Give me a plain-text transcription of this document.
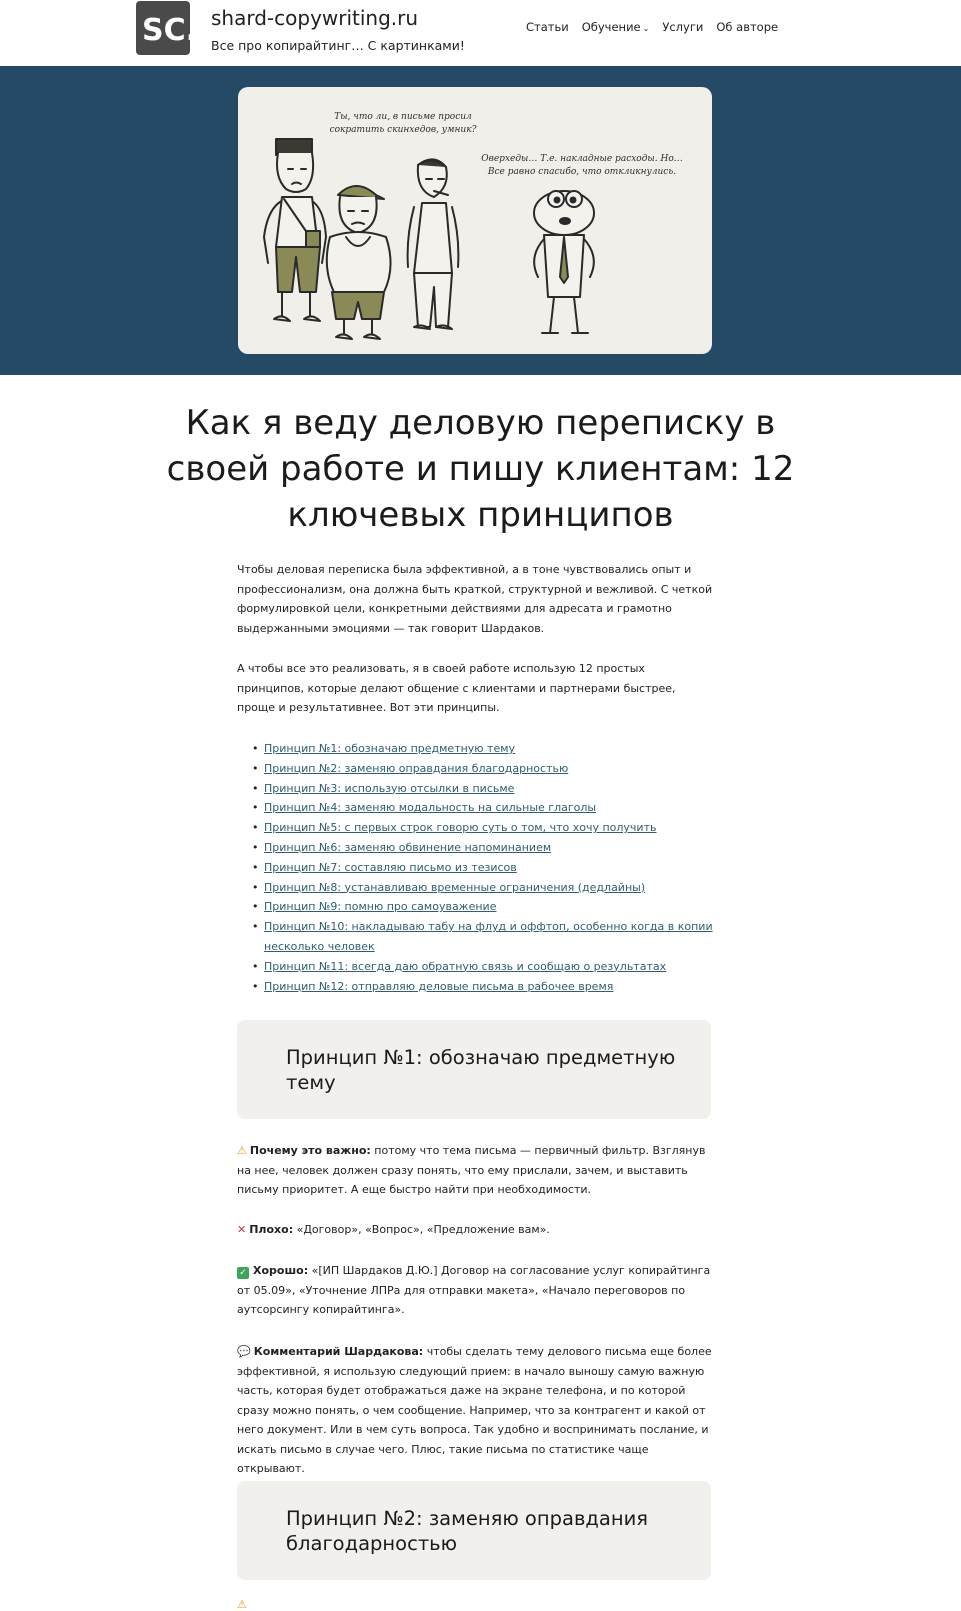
SC. shard-copywriting.ru
Все про копирайтинг… С картинками!
Статьи Обучение ⌄ Услуги Об авторе
Ты, что ли, в письме просил сократить скинхедов, умник?
Оверхеды… Т.е. накладные расходы. Но… Все равно спасибо, что откликнулись.
Как я веду деловую переписку в своей работе и пишу клиентам: 12 ключевых принципов

Чтобы деловая переписка была эффективной, а в тоне чувствовались опыт и профессионализм, она должна быть краткой, структурной и вежливой. С четкой формулировкой цели, конкретными действиями для адресата и грамотно выдержанными эмоциями — так говорит Шардаков.

А чтобы все это реализовать, я в своей работе использую 12 простых принципов, которые делают общение с клиентами и партнерами быстрее, проще и результативнее. Вот эти принципы.

• Принцип №1: обозначаю предметную тему
• Принцип №2: заменяю оправдания благодарностью
• Принцип №3: использую отсылки в письме
• Принцип №4: заменяю модальность на сильные глаголы
• Принцип №5: с первых строк говорю суть о том, что хочу получить
• Принцип №6: заменяю обвинение напоминанием
• Принцип №7: составляю письмо из тезисов
• Принцип №8: устанавливаю временные ограничения (дедлайны)
• Принцип №9: помню про самоуважение
• Принцип №10: накладываю табу на флуд и оффтоп, особенно когда в копии несколько человек
• Принцип №11: всегда даю обратную связь и сообщаю о результатах
• Принцип №12: отправляю деловые письма в рабочее время
Принцип №1: обозначаю предметную тему

⚠ Почему это важно: потому что тема письма — первичный фильтр. Взглянув на нее, человек должен сразу понять, что ему прислали, зачем, и выставить письму приоритет. А еще быстро найти при необходимости.

✕ Плохо: «Договор», «Вопрос», «Предложение вам».

✓ Хорошо: «[ИП Шардаков Д.Ю.] Договор на согласование услуг копирайтинга от 05.09», «Уточнение ЛПРа для отправки макета», «Начало переговоров по аутсорсингу копирайтинга».

💬 Комментарий Шардакова: чтобы сделать тему делового письма еще более эффективной, я использую следующий прием: в начало выношу самую важную часть, которая будет отображаться даже на экране телефона, и по которой сразу можно понять, о чем сообщение. Например, что за контрагент и какой от него документ. Или в чем суть вопроса. Так удобно и воспринимать послание, и искать письмо в случае чего. Плюс, такие письма по статистике чаще открывают.

Принцип №2: заменяю оправдания благодарностью
⚠
